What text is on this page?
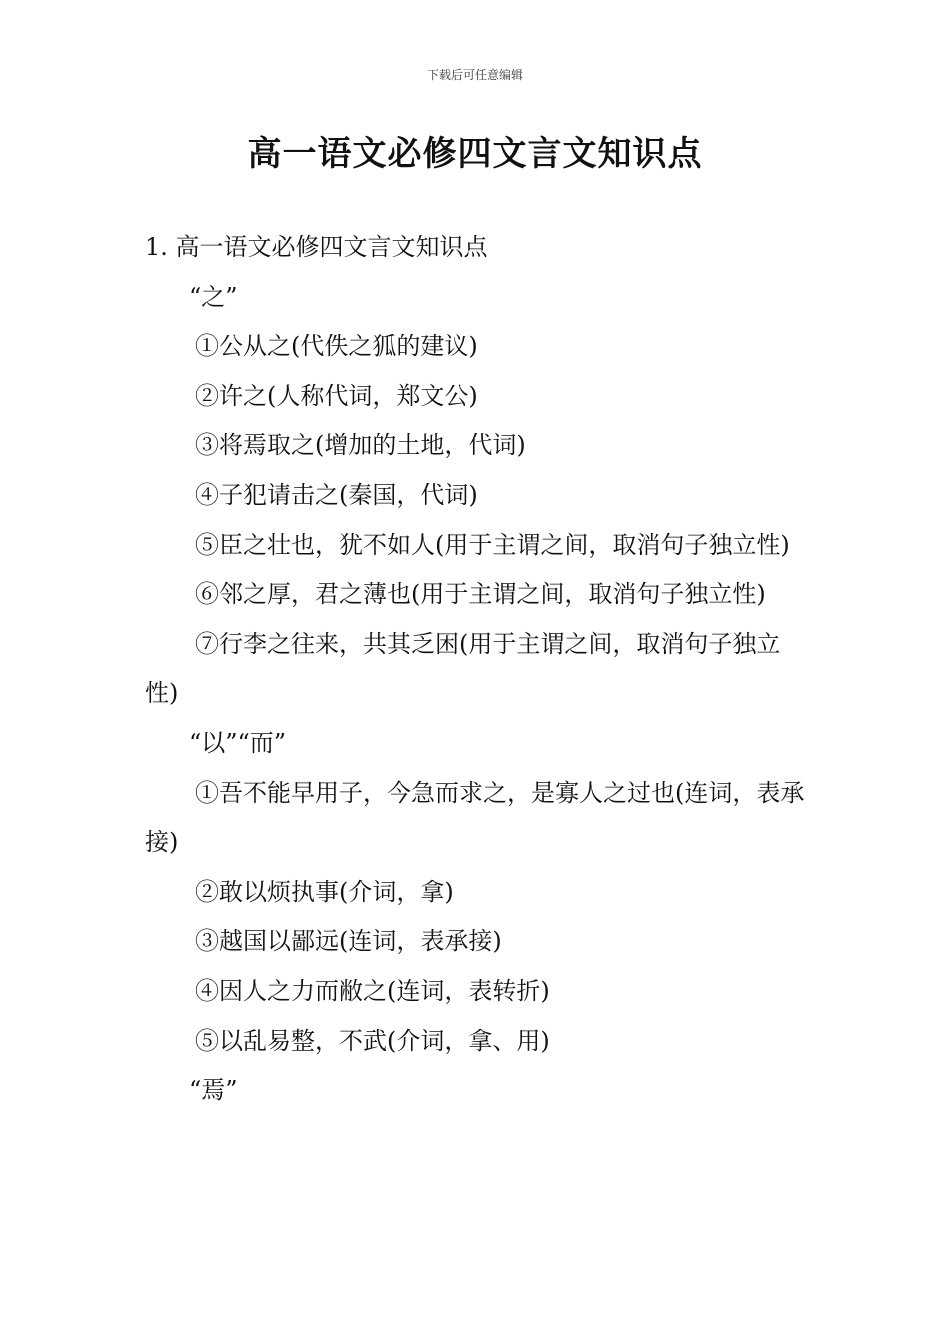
下载后可任意编辑
高一语文必修四文言文知识点

1. 高一语文必修四文言文知识点

“之”

①公从之(代佚之狐的建议)

②许之(人称代词，郑文公)

③将焉取之(增加的土地，代词)

④子犯请击之(秦国，代词)

⑤臣之壮也，犹不如人(用于主谓之间，取消句子独立性)

⑥邻之厚，君之薄也(用于主谓之间，取消句子独立性)

⑦行李之往来，共其乏困(用于主谓之间，取消句子独立性)

“以”“而”

①吾不能早用子，今急而求之，是寡人之过也(连词，表承接)

②敢以烦执事(介词，拿)

③越国以鄙远(连词，表承接)

④因人之力而敝之(连词，表转折)

⑤以乱易整，不武(介词，拿、用)

“焉”
